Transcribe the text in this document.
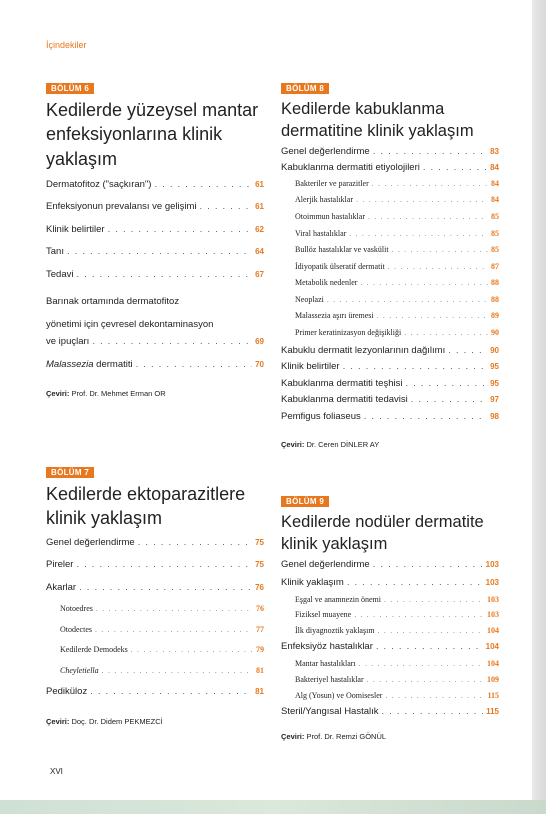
İçindekiler
BÖLÜM 6
Kedilerde yüzeysel mantar enfeksiyonlarına klinik yaklaşım
Dermatofitoz ("saçkıran") . . .	61
Enfeksiyonun prevalansı ve gelişimi . . .	61
Klinik belirtiler . . .	62
Tanı . . .	64
Tedavi . . .	67
Barınak ortamında dermatofitoz
yönetimi için çevresel dekontaminasyon
ve ipuçları . . .	69
Malassezia dermatiti . . .	70
Çeviri: Prof. Dr. Mehmet Erman OR
BÖLÜM 7
Kedilerde ektoparazitlere klinik yaklaşım
Genel değerlendirme . . .	75
Pireler . . .	75
Akarlar . . .	76
Notoedres . . .	76
Otodectes . . .	77
Kedilerde Demodeks . . .	79
Cheyletiella . . .	81
Pediküloz . . .	81
Çeviri: Doç. Dr. Didem PEKMEZCİ
BÖLÜM 8
Kedilerde kabuklanma dermatitine klinik yaklaşım
Genel değerlendirme . . .	83
Kabuklanma dermatiti etiyolojileri . . .	84
Bakteriler ve parazitler . . .	84
Alerjik hastalıklar . . .	84
Otoimmun hastalıklar . . .	85
Viral hastalıklar . . .	85
Bullöz hastalıklar ve vaskülit . . .	85
İdiyopatik ülseratif dermatit . . .	87
Metabolik nedenler . . .	88
Neoplazi . . .	88
Malassezia aşırı üremesi . . .	89
Primer keratinizasyon değişikliği . . .	90
Kabuklu dermatit lezyonlarının dağılımı . . .	90
Klinik belirtiler . . .	95
Kabuklanma dermatiti teşhisi . . .	95
Kabuklanma dermatiti tedavisi . . .	97
Pemfigus foliaseus . . .	98
Çeviri: Dr. Ceren DİNLER AY
BÖLÜM 9
Kedilerde nodüler dermatite klinik yaklaşım
Genel değerlendirme . . .	103
Klinik yaklaşım . . .	103
Eşgal ve anamnezin önemi . . .	103
Fiziksel muayene . . .	103
İlk diyagnoztik yaklaşım . . .	104
Enfeksiyöz hastalıklar . . .	104
Mantar hastalıkları . . .	104
Bakteriyel hastalıklar . . .	109
Alg (Yosun) ve Oomisesler . . .	115
Steril/Yangısal Hastalık . . .	115
Çeviri: Prof. Dr. Remzi GÖNÜL
XVI
